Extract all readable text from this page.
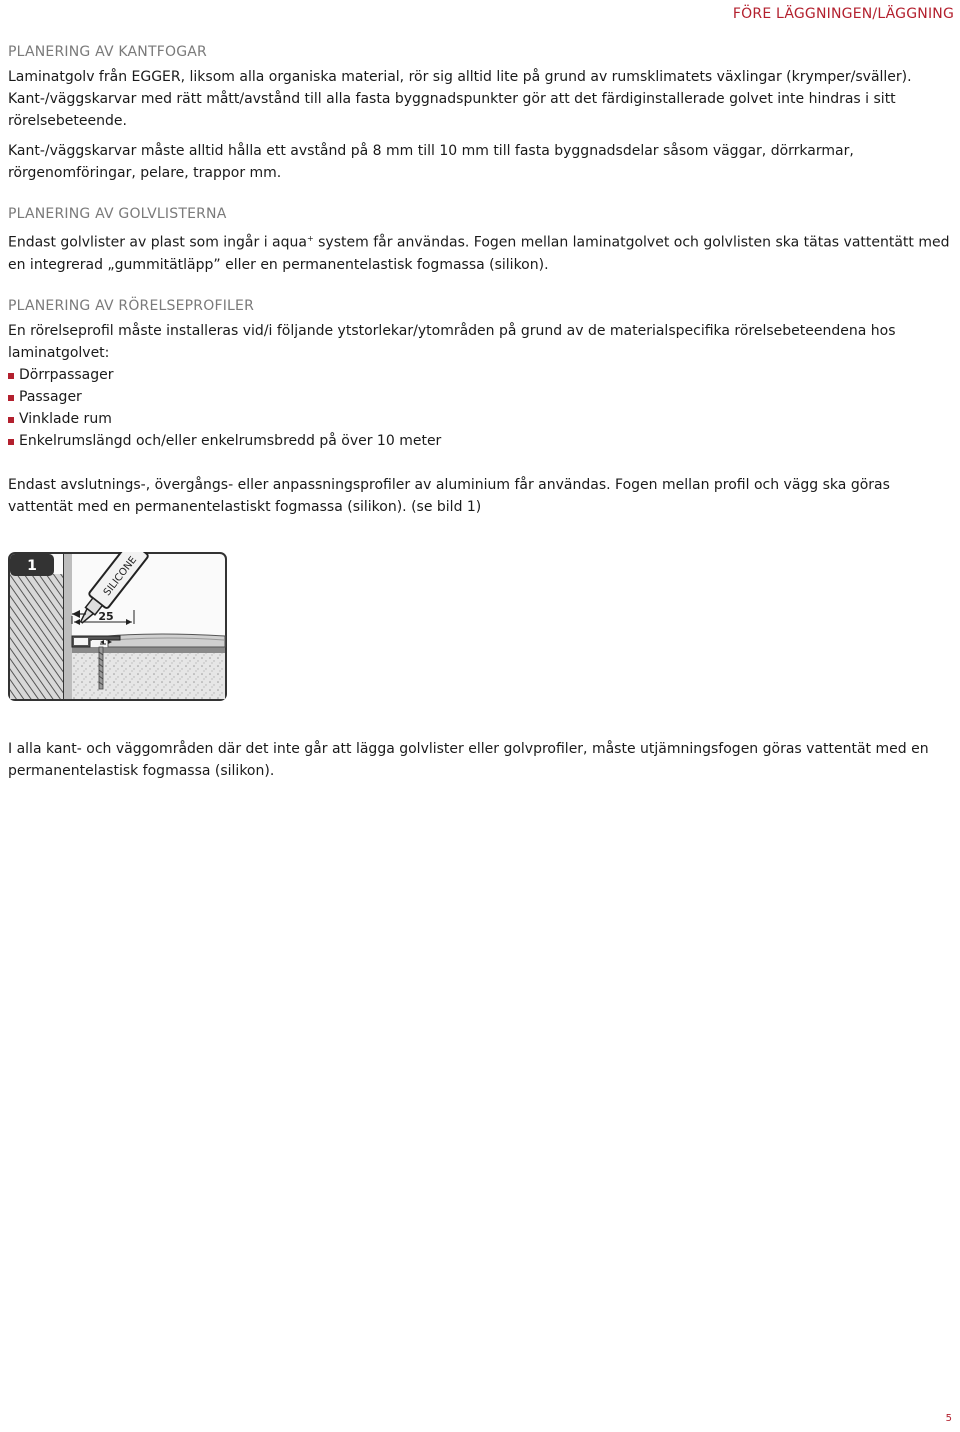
FÖRE LÄGGNINGEN/LÄGGNING
PLANERING AV KANTFOGAR

Laminatgolv från EGGER, liksom alla organiska material, rör sig alltid lite på grund av rumsklimatets växlingar (krymper/sväller).
Kant-/väggskarvar med rätt mått/avstånd till alla fasta byggnadspunkter gör att det färdiginstallerade golvet inte hindras i sitt
rörelsebeteende.

Kant-/väggskarvar måste alltid hålla ett avstånd på 8 mm till 10 mm till fasta byggnadsdelar såsom väggar, dörrkarmar,
rörgenomföringar, pelare, trappor mm.

PLANERING AV GOLVLISTERNA

Endast golvlister av plast som ingår i aqua+ system får användas. Fogen mellan laminatgolvet och golvlisten ska tätas vattentätt med
en integrerad „gummitätläpp” eller en permanentelastisk fogmassa (silikon).

PLANERING AV RÖRELSEPROFILER

En rörelseprofil måste installeras vid/i följande ytstorlekar/ytområden på grund av de materialspecifika rörelsebeteendena hos
laminatgolvet:

Dörrpassager
Passager
Vinklade rum
Enkelrumslängd och/eller enkelrumsbredd på över 10 meter

Endast avslutnings-, övergångs- eller anpassningsprofiler av aluminium får användas. Fogen mellan profil och vägg ska göras
vattentät med en permanentelastiskt fogmassa (silikon). (se bild 1)

1	SILICONE
25

I alla kant- och väggområden där det inte går att lägga golvlister eller golvprofiler, måste utjämningsfogen göras vattentät med en
permanentelastisk fogmassa (silikon).

5
